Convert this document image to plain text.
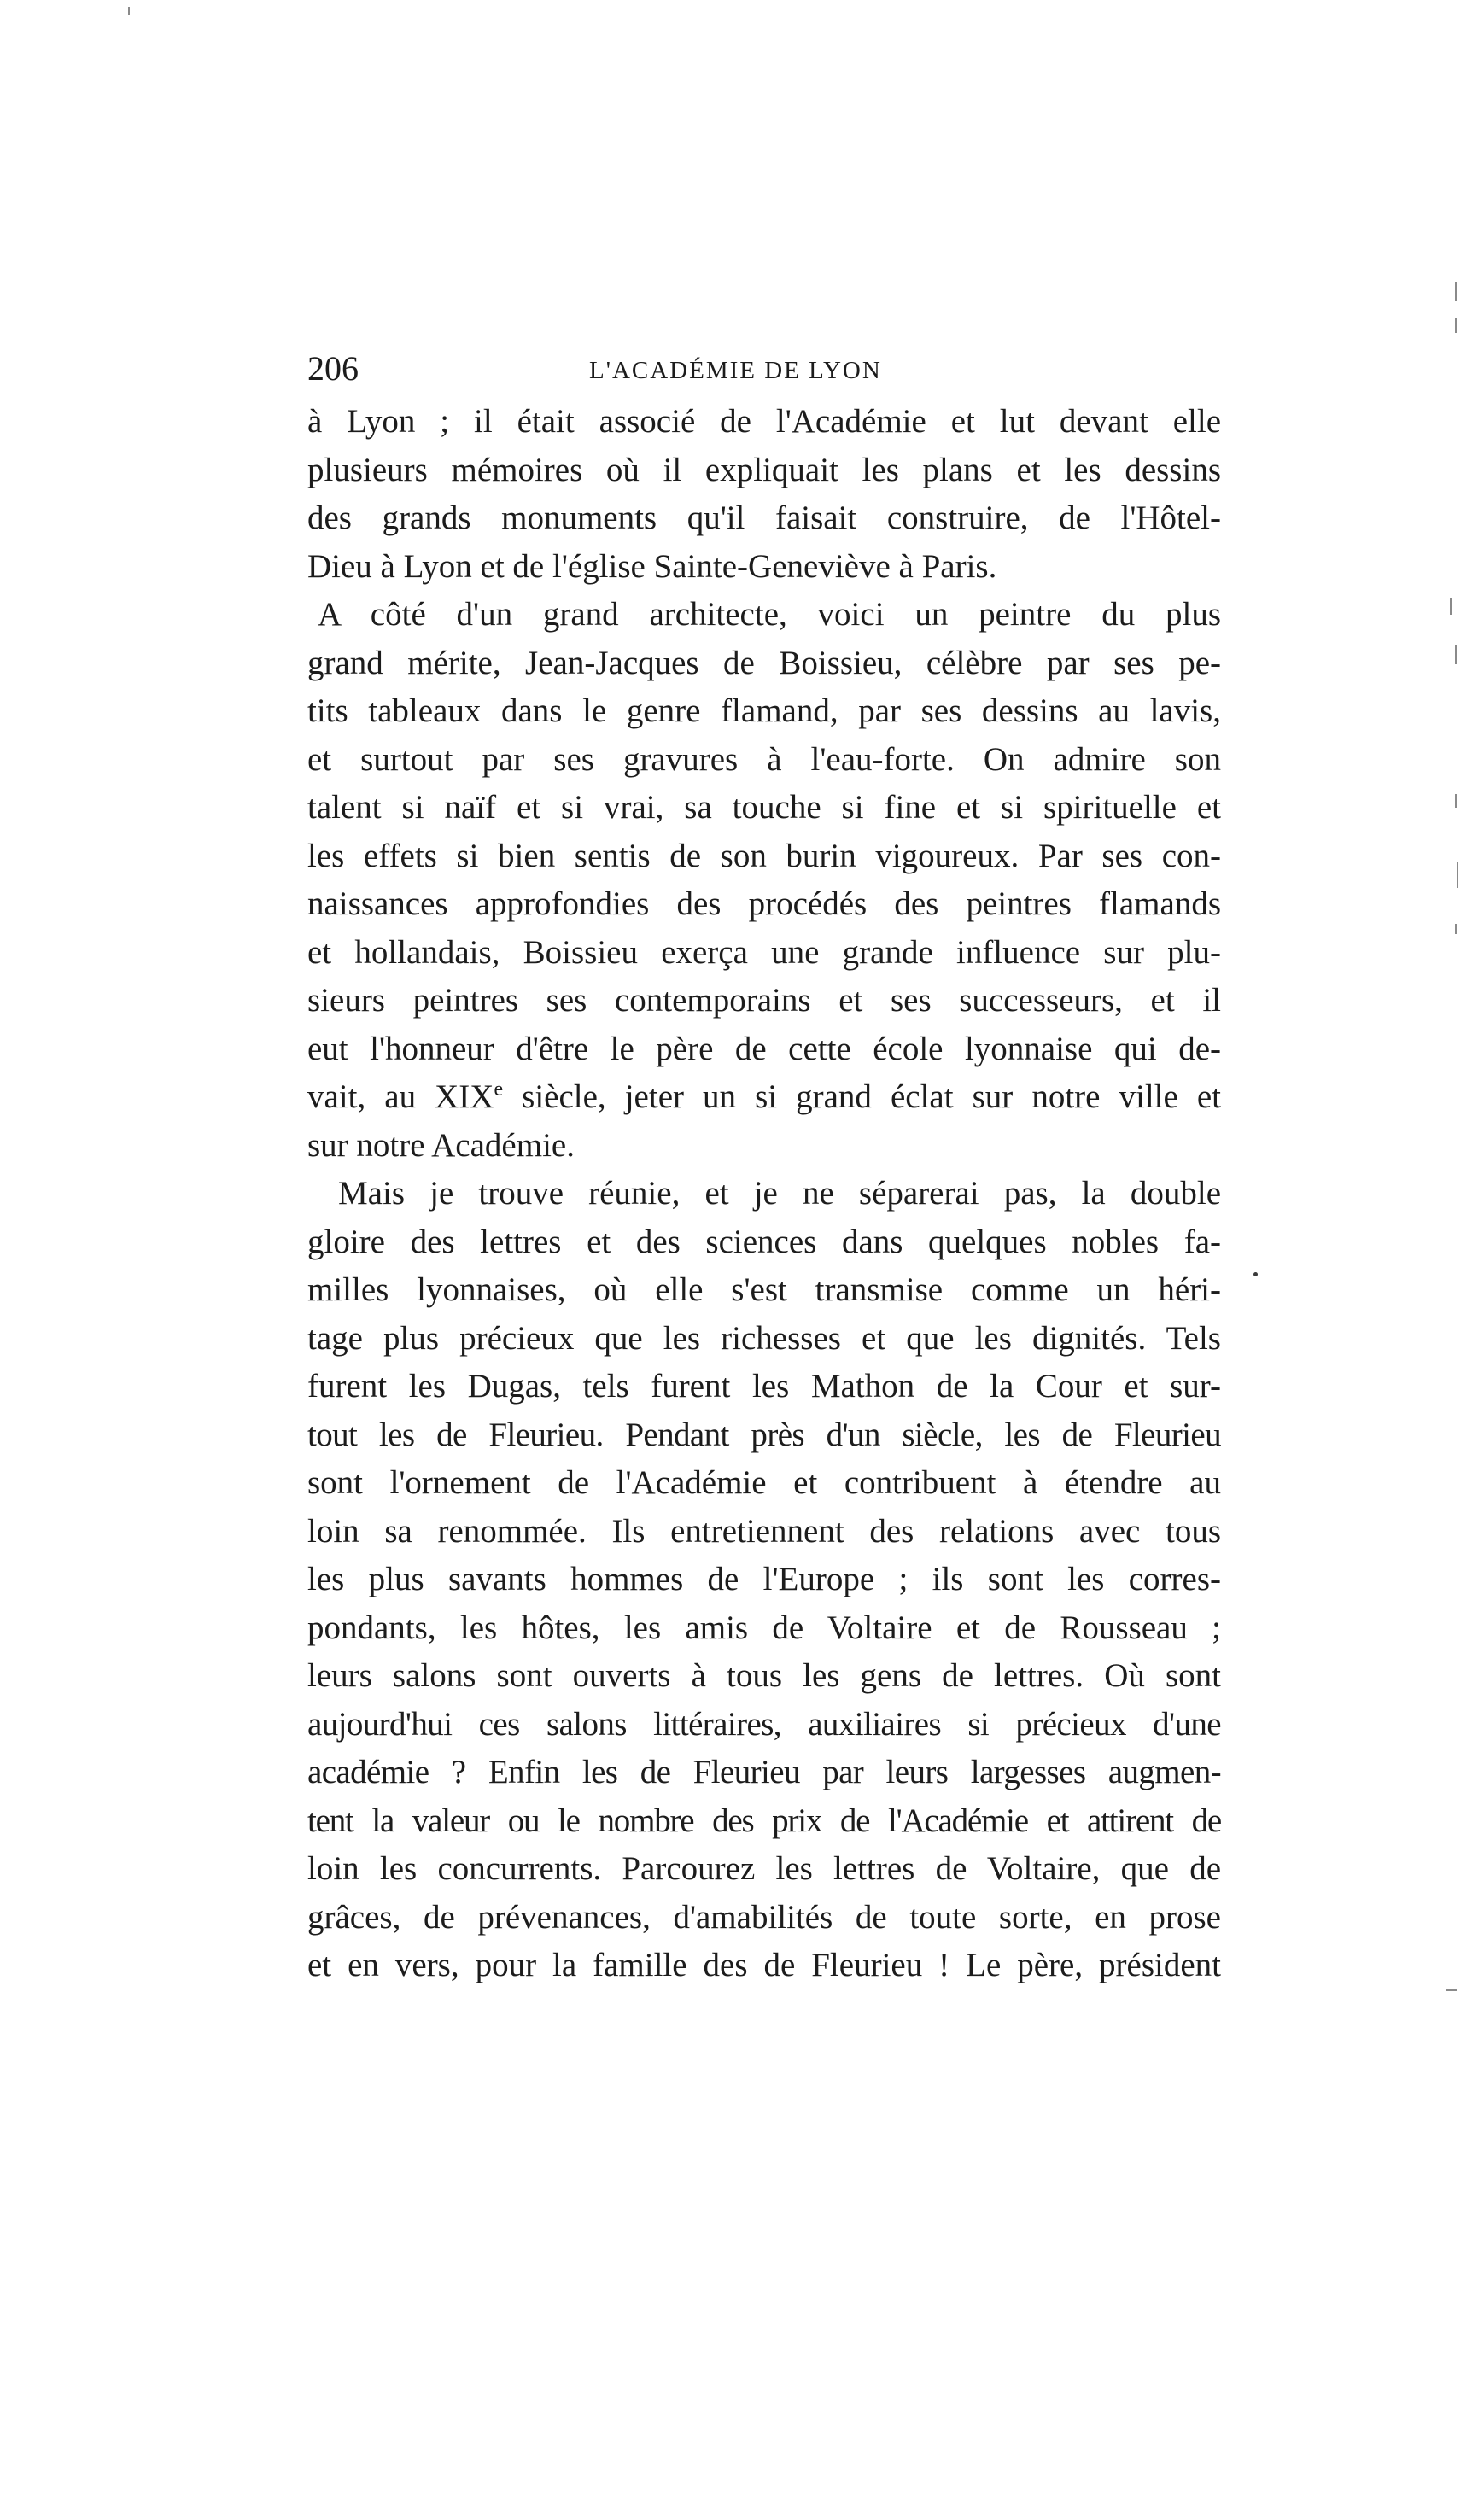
206	L'ACADÉMIE DE LYON
à Lyon ; il était associé de l'Académie et lut devant elle
plusieurs mémoires où il expliquait les plans et les dessins
des grands monuments qu'il faisait construire, de l'Hôtel-
Dieu à Lyon et de l'église Sainte-Geneviève à Paris.
A côté d'un grand architecte, voici un peintre du plus
grand mérite, Jean-Jacques de Boissieu, célèbre par ses pe-
tits tableaux dans le genre flamand, par ses dessins au lavis,
et surtout par ses gravures à l'eau-forte. On admire son
talent si naïf et si vrai, sa touche si fine et si spirituelle et
les effets si bien sentis de son burin vigoureux. Par ses con-
naissances approfondies des procédés des peintres flamands
et hollandais, Boissieu exerça une grande influence sur plu-
sieurs peintres ses contemporains et ses successeurs, et il
eut l'honneur d'être le père de cette école lyonnaise qui de-
vait, au XIXe siècle, jeter un si grand éclat sur notre ville et
sur notre Académie.
Mais je trouve réunie, et je ne séparerai pas, la double
gloire des lettres et des sciences dans quelques nobles fa-
milles lyonnaises, où elle s'est transmise comme un héri-
tage plus précieux que les richesses et que les dignités. Tels
furent les Dugas, tels furent les Mathon de la Cour et sur-
tout les de Fleurieu. Pendant près d'un siècle, les de Fleurieu
sont l'ornement de l'Académie et contribuent à étendre au
loin sa renommée. Ils entretiennent des relations avec tous
les plus savants hommes de l'Europe ; ils sont les corres-
pondants, les hôtes, les amis de Voltaire et de Rousseau ;
leurs salons sont ouverts à tous les gens de lettres. Où sont
aujourd'hui ces salons littéraires, auxiliaires si précieux d'une
académie ? Enfin les de Fleurieu par leurs largesses augmen-
tent la valeur ou le nombre des prix de l'Académie et attirent de
loin les concurrents. Parcourez les lettres de Voltaire, que de
grâces, de prévenances, d'amabilités de toute sorte, en prose
et en vers, pour la famille des de Fleurieu ! Le père, président
